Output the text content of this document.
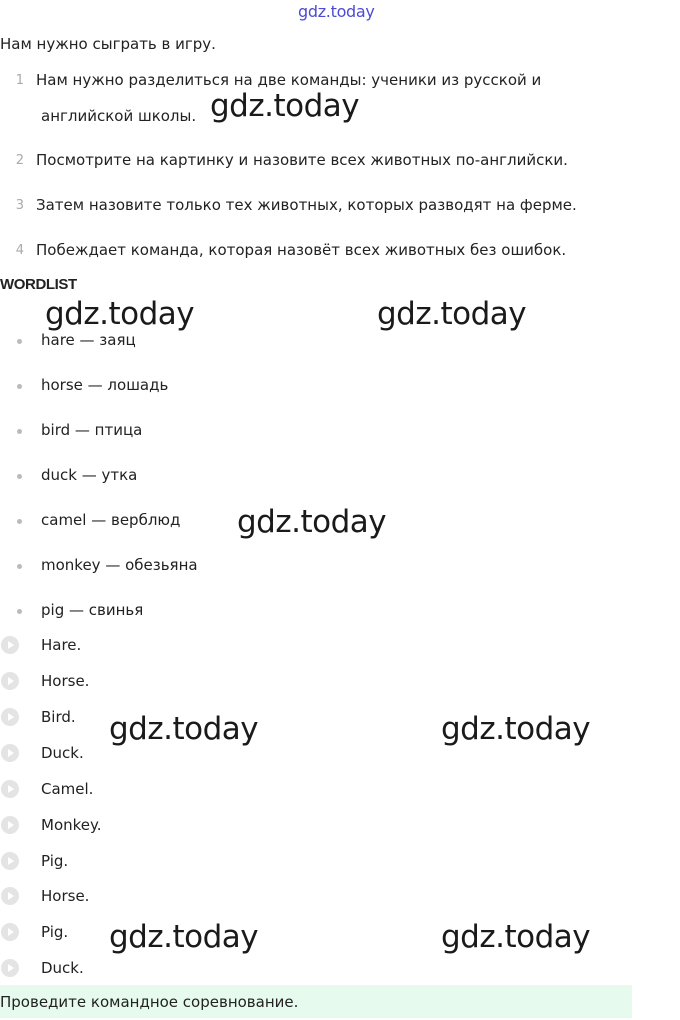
gdz.today
Нам нужно сыграть в игру.
1 Нам нужно разделиться на две команды: ученики из русской и
английской школы.
2 Посмотрите на картинку и назовите всех животных по-английски.
3 Затем назовите только тех животных, которых разводят на ферме.
4 Побеждает команда, которая назовёт всех животных без ошибок.
WORDLIST
hare — заяц
horse — лошадь
bird — птица
duck — утка
camel — верблюд
monkey — обезьяна
pig — свинья
Hare.
Horse.
Bird.
Duck.
Camel.
Monkey.
Pig.
Horse.
Pig.
Duck.
Проведите командное соревнование.
gdz.today
gdz.today	gdz.today
gdz.today
gdz.today	gdz.today
gdz.today	gdz.today
